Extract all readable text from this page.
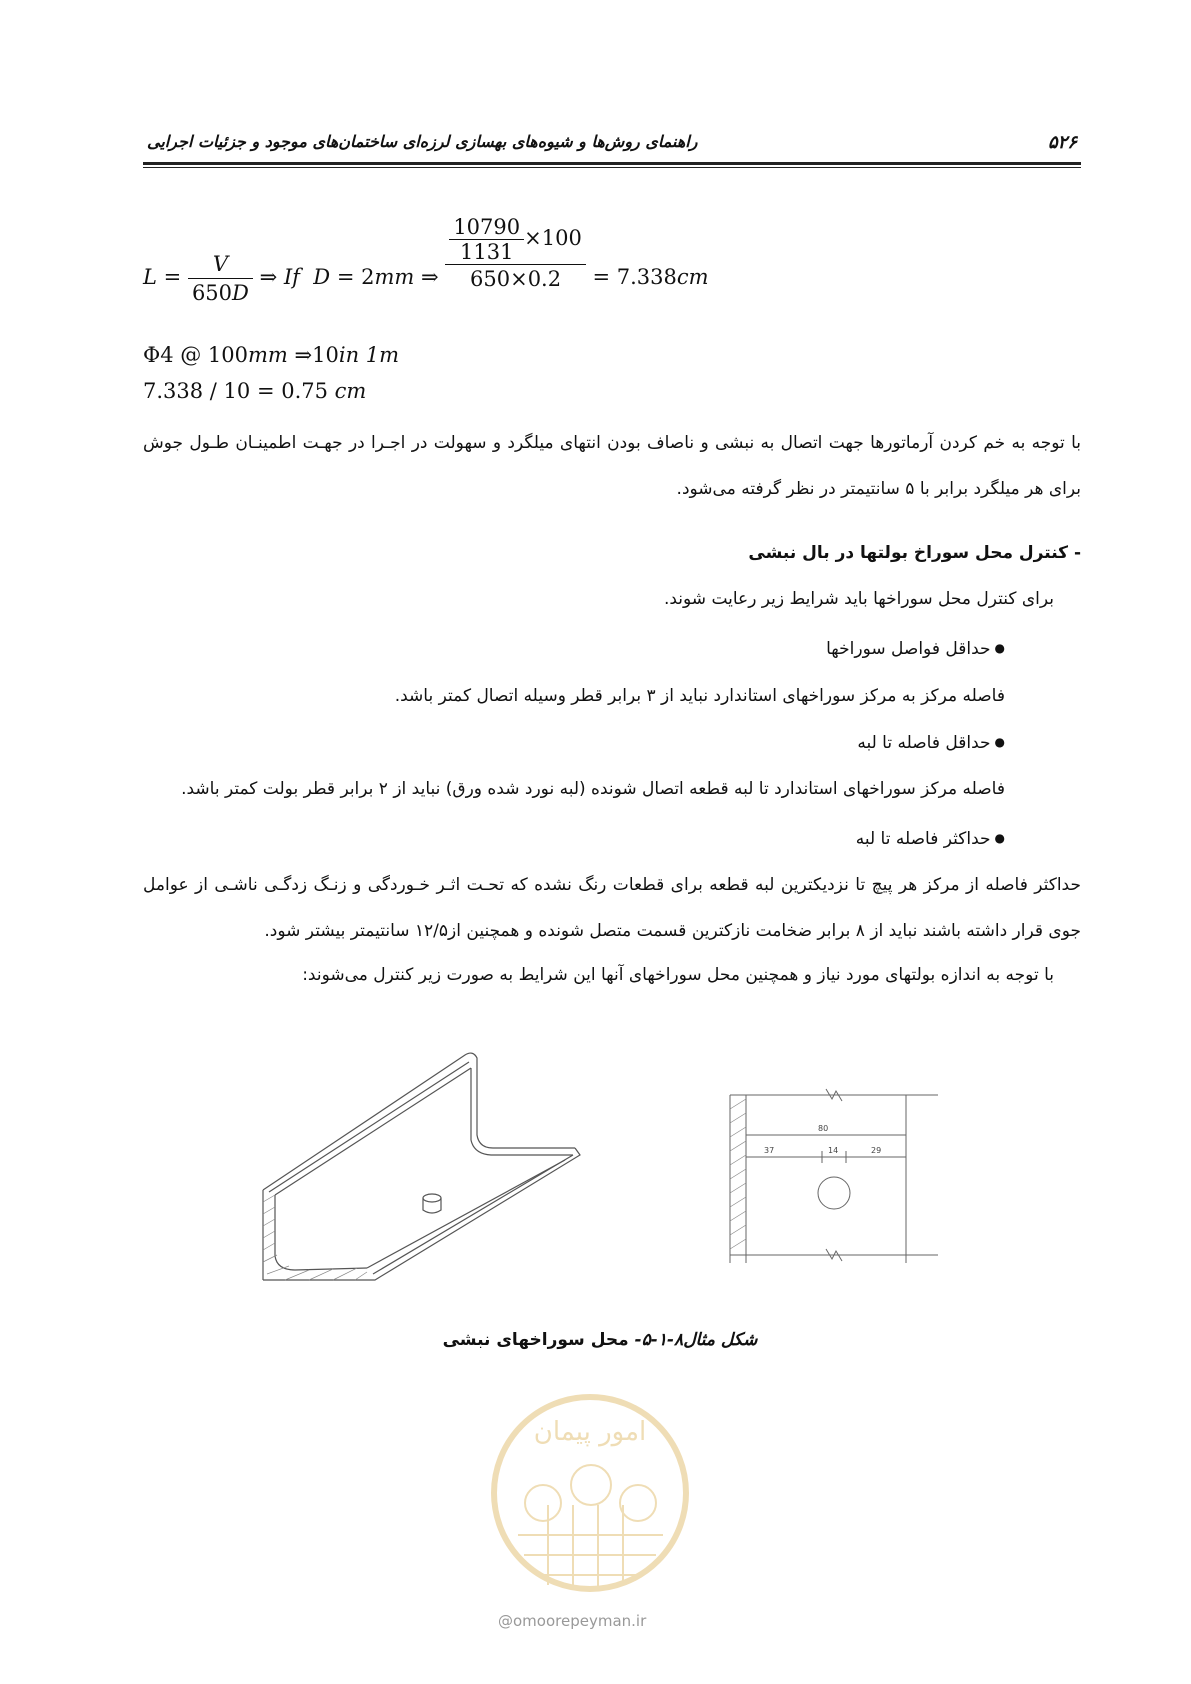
۵۲۶
راهنمای روش‌ها و شیوه‌های بهسازی لرزه‌ای ساختمان‌های موجود و جزئیات اجرایی
$L = \frac{V}{650D}$ ⇒ If D = 2mm ⇒ $\frac{\frac{10790}{1131} \times 100}{650\times 0.2} = 7.338cm$
Φ4 @ 100mm ⇒10in 1m
7.338 / 10 = 0.75 cm
با توجه به خم کردن آرماتورها جهت اتصال به نبشی و ناصاف بودن انتهای میلگرد و سهولت در اجـرا در جهـت اطمینـان طـول جوش برای هر میلگرد برابر با ۵ سانتیمتر در نظر گرفته می‌شود.
- کنترل محل سوراخ بولتها در بال نبشی
برای کنترل محل سوراخها باید شرایط زیر رعایت شوند.
● حداقل فواصل سوراخها
فاصله مرکز به مرکز سوراخهای استاندارد نباید از ۳ برابر قطر وسیله اتصال کمتر باشد.
● حداقل فاصله تا لبه
فاصله مرکز سوراخهای استاندارد تا لبه قطعه اتصال شونده (لبه نورد شده ورق) نباید از ۲ برابر قطر بولت کمتر باشد.
● حداکثر فاصله تا لبه
حداکثر فاصله از مرکز هر پیچ تا نزدیکترین لبه قطعه برای قطعات رنگ نشده که تحـت اثـر خـوردگی و زنـگ زدگـی ناشـی از عوامل جوی قرار داشته باشند نباید از ۸ برابر ضخامت نازکترین قسمت متصل شونده و همچنین از۱۲/۵ سانتیمتر بیشتر شود.
با توجه به اندازه بولتهای مورد نیاز و همچنین محل سوراخهای آنها این شرایط به صورت زیر کنترل می‌شوند:
80
37	14	29
شکل مثال۸-۱-۵- محل سوراخهای نبشی
امور پیمان
@omoorepeyman.ir
